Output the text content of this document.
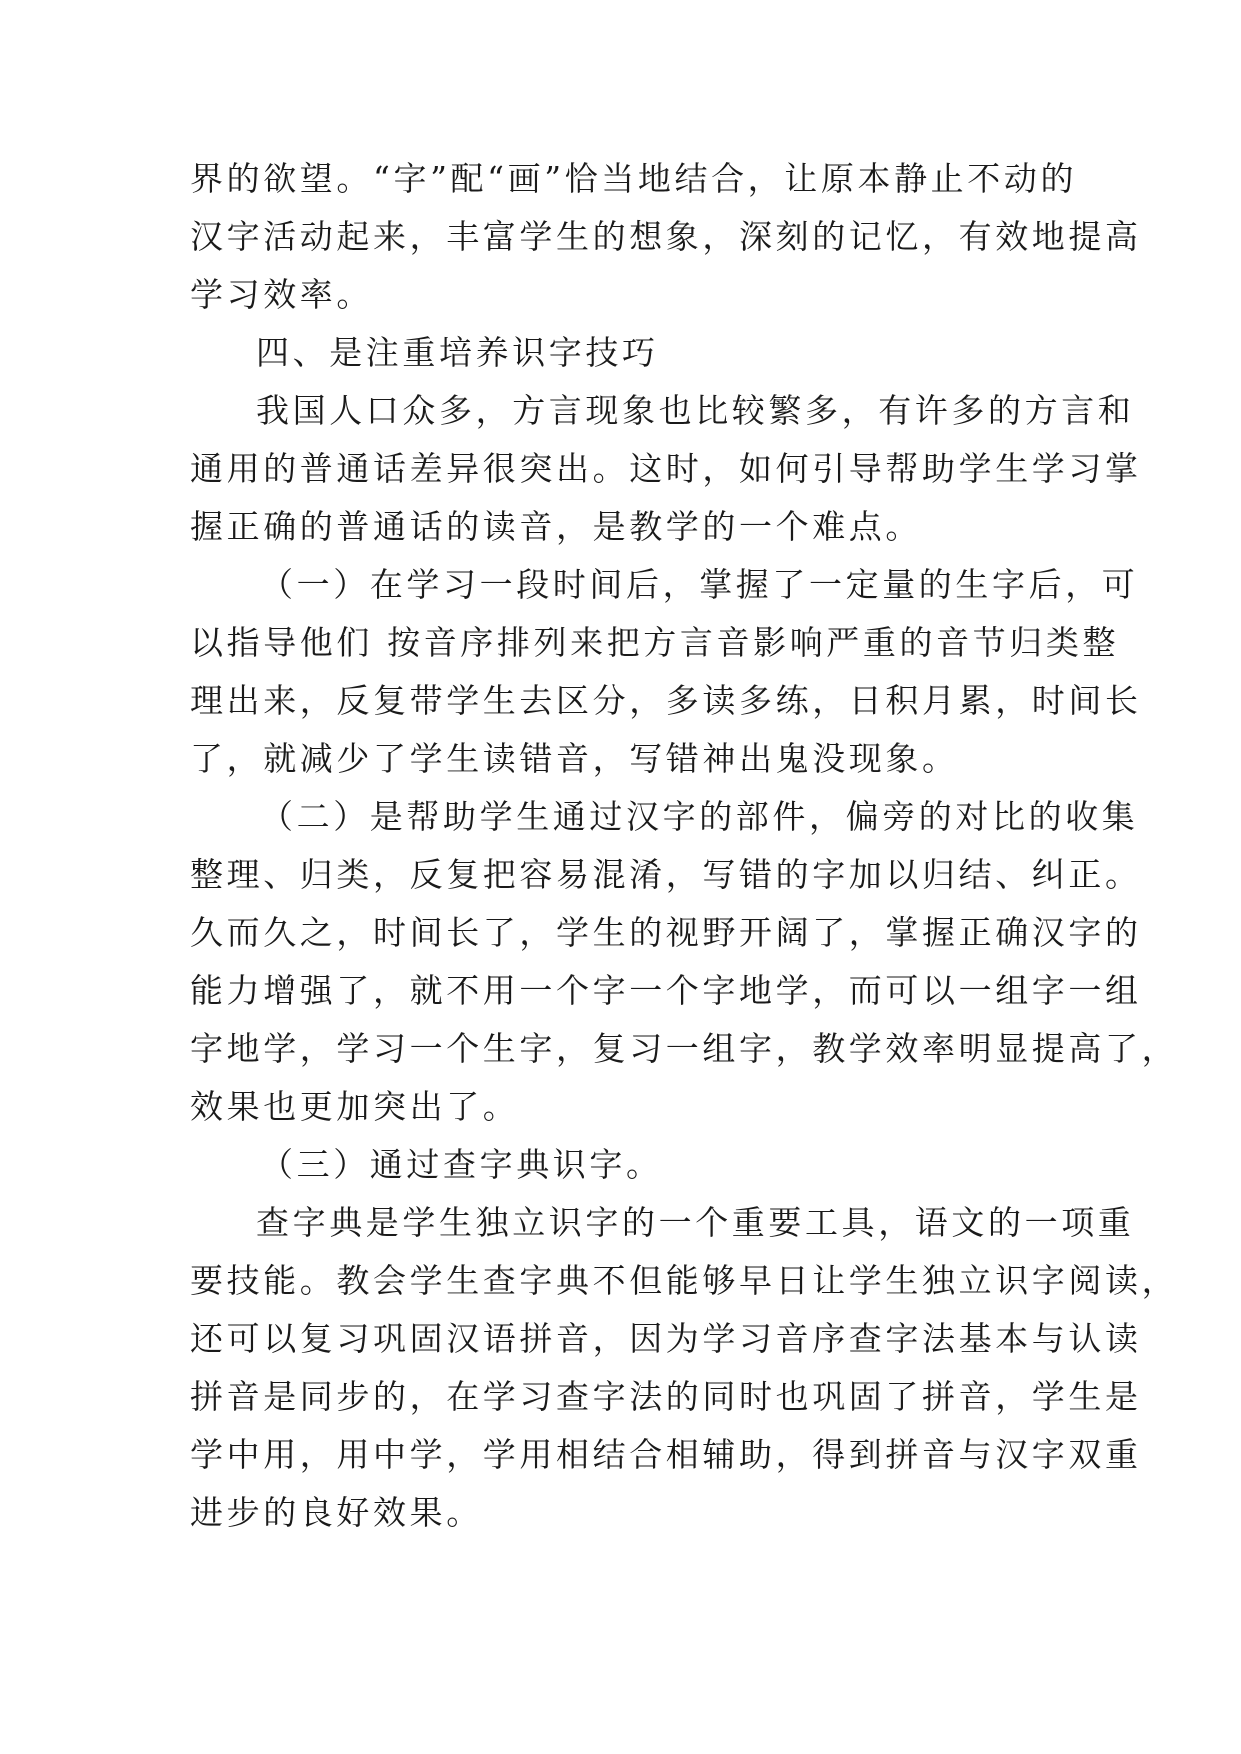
界的欲望。“字”配“画”恰当地结合，让原本静止不动的
汉字活动起来，丰富学生的想象，深刻的记忆，有效地提高
学习效率。
四、是注重培养识字技巧
我国人口众多，方言现象也比较繁多，有许多的方言和
通用的普通话差异很突出。这时，如何引导帮助学生学习掌
握正确的普通话的读音，是教学的一个难点。
（一）在学习一段时间后，掌握了一定量的生字后，可
以指导他们 按音序排列来把方言音影响严重的音节归类整
理出来，反复带学生去区分，多读多练，日积月累，时间长
了，就减少了学生读错音，写错神出鬼没现象。
（二）是帮助学生通过汉字的部件，偏旁的对比的收集
整理、归类，反复把容易混淆，写错的字加以归结、纠正。
久而久之，时间长了，学生的视野开阔了，掌握正确汉字的
能力增强了，就不用一个字一个字地学，而可以一组字一组
字地学，学习一个生字，复习一组字，教学效率明显提高了，
效果也更加突出了。
（三）通过查字典识字。
查字典是学生独立识字的一个重要工具，语文的一项重
要技能。教会学生查字典不但能够早日让学生独立识字阅读，
还可以复习巩固汉语拼音，因为学习音序查字法基本与认读
拼音是同步的，在学习查字法的同时也巩固了拼音，学生是
学中用，用中学，学用相结合相辅助，得到拼音与汉字双重
进步的良好效果。
